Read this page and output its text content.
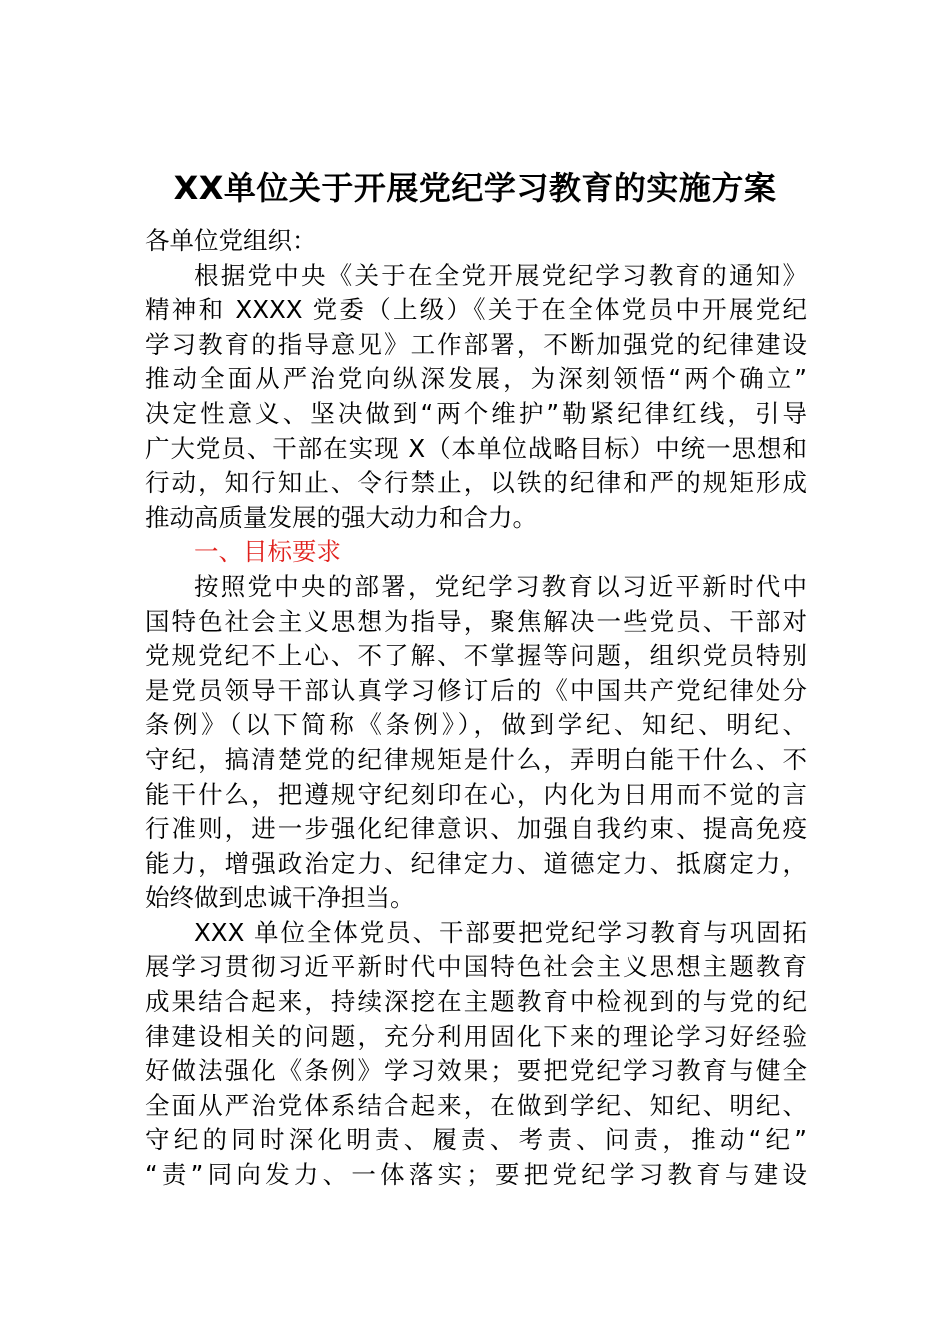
XX单位关于开展党纪学习教育的实施方案
各单位党组织：
根据党中央《关于在全党开展党纪学习教育的通知》
精神和 XXXX 党委（上级）《关于在全体党员中开展党纪
学习教育的指导意见》工作部署，不断加强党的纪律建设
推动全面从严治党向纵深发展，为深刻领悟“两个确立”
决定性意义、坚决做到“两个维护”勒紧纪律红线，引导
广大党员、干部在实现 X（本单位战略目标）中统一思想和
行动，知行知止、令行禁止，以铁的纪律和严的规矩形成
推动高质量发展的强大动力和合力。
一、目标要求
按照党中央的部署，党纪学习教育以习近平新时代中
国特色社会主义思想为指导，聚焦解决一些党员、干部对
党规党纪不上心、不了解、不掌握等问题，组织党员特别
是党员领导干部认真学习修订后的《中国共产党纪律处分
条例》（以下简称《条例》），做到学纪、知纪、明纪、
守纪，搞清楚党的纪律规矩是什么，弄明白能干什么、不
能干什么，把遵规守纪刻印在心，内化为日用而不觉的言
行准则，进一步强化纪律意识、加强自我约束、提高免疫
能力，增强政治定力、纪律定力、道德定力、抵腐定力，
始终做到忠诚干净担当。
XXX 单位全体党员、干部要把党纪学习教育与巩固拓
展学习贯彻习近平新时代中国特色社会主义思想主题教育
成果结合起来，持续深挖在主题教育中检视到的与党的纪
律建设相关的问题，充分利用固化下来的理论学习好经验
好做法强化《条例》学习效果；要把党纪学习教育与健全
全面从严治党体系结合起来，在做到学纪、知纪、明纪、
守纪的同时深化明责、履责、考责、问责，推动“纪”
“责”同向发力、一体落实；要把党纪学习教育与建设
